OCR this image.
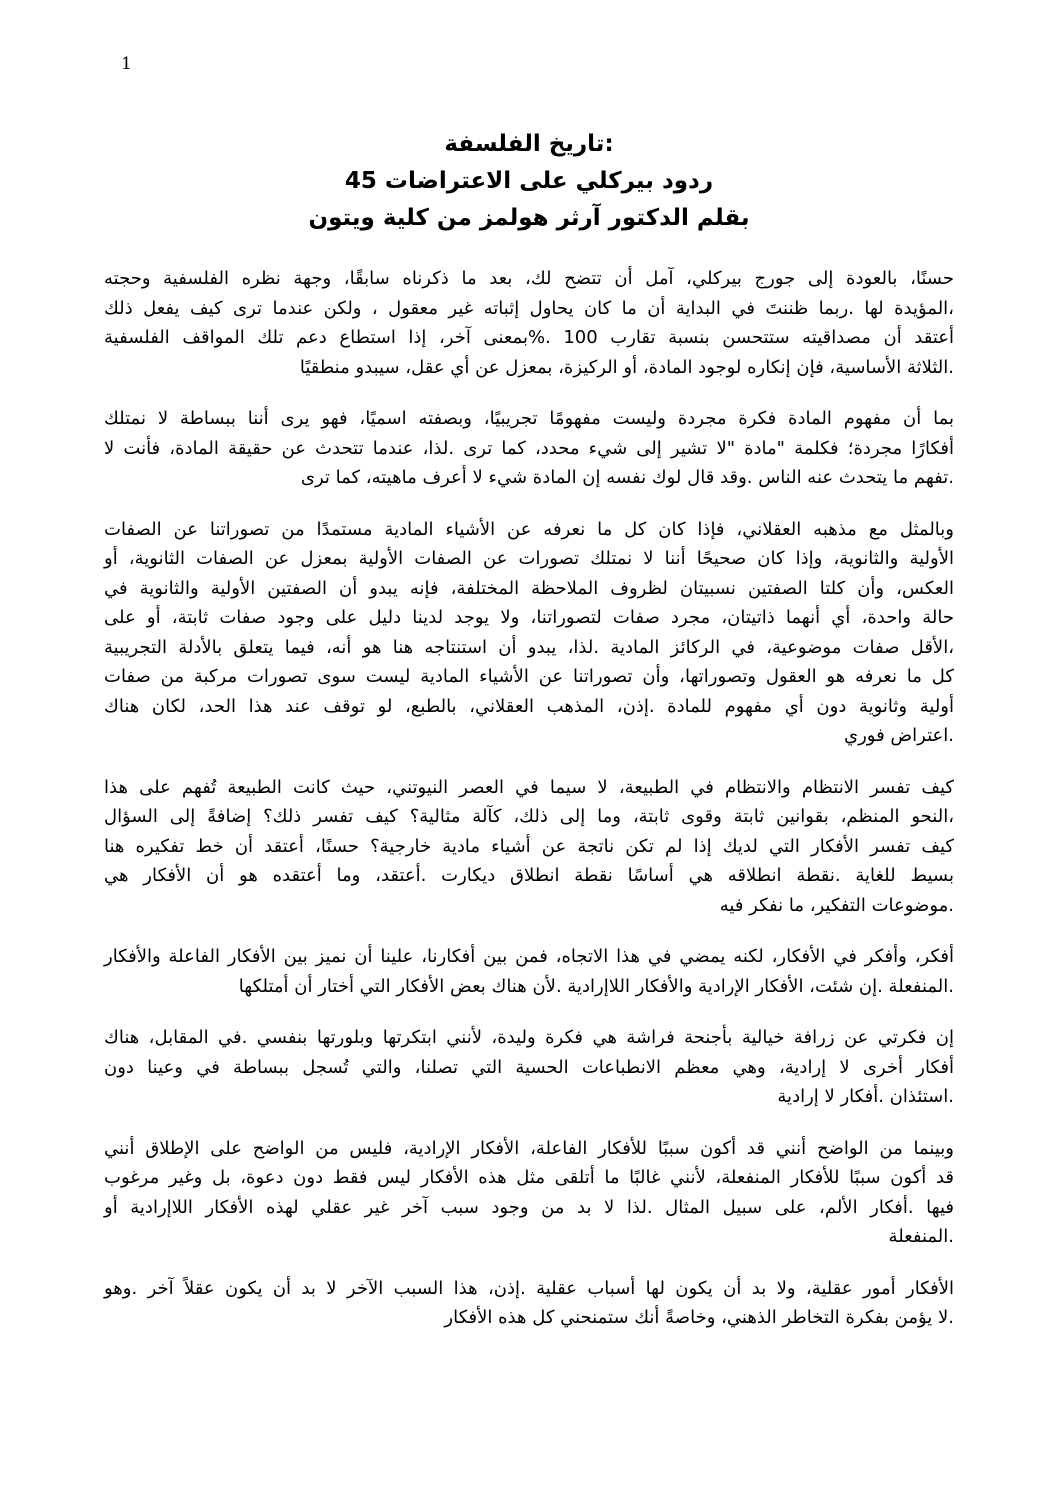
1
:تاريخ الفلسفة
ردود بيركلي على الاعتراضات 45
بقلم الدكتور آرثر هولمز من كلية ويتون
حسنًا، بالعودة إلى جورج بيركلي، آمل أن تتضح لك، بعد ما ذكرناه سابقًا، وجهة نظره الفلسفية وحجته
،المؤيدة لها .ربما ظننتَ في البداية أن ما كان يحاول إثباته غير معقول ، ولكن عندما ترى كيف يفعل ذلك
أعتقد أن مصداقيته ستتحسن بنسبة تقارب 100 .%بمعنى آخر، إذا استطاع دعم تلك المواقف الفلسفية
.الثلاثة الأساسية، فإن إنكاره لوجود المادة، أو الركيزة، بمعزل عن أي عقل، سيبدو منطقيًا
بما أن مفهوم المادة فكرة مجردة وليست مفهومًا تجريبيًا، وبصفته اسميًا، فهو يرى أننا ببساطة لا نمتلك
أفكارًا مجردة؛ فكلمة "مادة "لا تشير إلى شيء محدد، كما ترى .لذا، عندما تتحدث عن حقيقة المادة، فأنت لا
.تفهم ما يتحدث عنه الناس .وقد قال لوك نفسه إن المادة شيء لا أعرف ماهيته، كما ترى
وبالمثل مع مذهبه العقلاني، فإذا كان كل ما نعرفه عن الأشياء المادية مستمدًا من تصوراتنا عن الصفات
الأولية والثانوية، وإذا كان صحيحًا أننا لا نمتلك تصورات عن الصفات الأولية بمعزل عن الصفات الثانوية، أو
العكس، وأن كلتا الصفتين نسبيتان لظروف الملاحظة المختلفة، فإنه يبدو أن الصفتين الأولية والثانوية في
حالة واحدة، أي أنهما ذاتيتان، مجرد صفات لتصوراتنا، ولا يوجد لدينا دليل على وجود صفات ثابتة، أو على
،الأقل صفات موضوعية، في الركائز المادية .لذا، يبدو أن استنتاجه هنا هو أنه، فيما يتعلق بالأدلة التجريبية
كل ما نعرفه هو العقول وتصوراتها، وأن تصوراتنا عن الأشياء المادية ليست سوى تصورات مركبة من صفات
أولية وثانوية دون أي مفهوم للمادة .إذن، المذهب العقلاني، بالطبع، لو توقف عند هذا الحد، لكان هناك
.اعتراض فوري
كيف تفسر الانتظام والانتظام في الطبيعة، لا سيما في العصر النيوتني، حيث كانت الطبيعة تُفهم على هذا
،النحو المنظم، بقوانين ثابتة وقوى ثابتة، وما إلى ذلك، كآلة مثالية؟ كيف تفسر ذلك؟ إضافةً إلى السؤال
كيف تفسر الأفكار التي لديك إذا لم تكن ناتجة عن أشياء مادية خارجية؟ حسنًا، أعتقد أن خط تفكيره هنا
بسيط للغاية .نقطة انطلاقه هي أساسًا نقطة انطلاق ديكارت .أعتقد، وما أعتقده هو أن الأفكار هي
.موضوعات التفكير، ما نفكر فيه
أفكر، وأفكر في الأفكار، لكنه يمضي في هذا الاتجاه، فمن بين أفكارنا، علينا أن نميز بين الأفكار الفاعلة والأفكار
.المنفعلة .إن شئت، الأفكار الإرادية والأفكار اللاإرادية .لأن هناك بعض الأفكار التي أختار أن أمتلكها
إن فكرتي عن زرافة خيالية بأجنحة فراشة هي فكرة وليدة، لأنني ابتكرتها وبلورتها بنفسي .في المقابل، هناك
أفكار أخرى لا إرادية، وهي معظم الانطباعات الحسية التي تصلنا، والتي تُسجل ببساطة في وعينا دون
.استئذان .أفكار لا إرادية
وبينما من الواضح أنني قد أكون سببًا للأفكار الفاعلة، الأفكار الإرادية، فليس من الواضح على الإطلاق أنني
قد أكون سببًا للأفكار المنفعلة، لأنني غالبًا ما أتلقى مثل هذه الأفكار ليس فقط دون دعوة، بل وغير مرغوب
فيها .أفكار الألم، على سبيل المثال .لذا لا بد من وجود سبب آخر غير عقلي لهذه الأفكار اللاإرادية أو
.المنفعلة
الأفكار أمور عقلية، ولا بد أن يكون لها أسباب عقلية .إذن، هذا السبب الآخر لا بد أن يكون عقلاً آخر .وهو
.لا يؤمن بفكرة التخاطر الذهني، وخاصةً أنك ستمنحني كل هذه الأفكار
